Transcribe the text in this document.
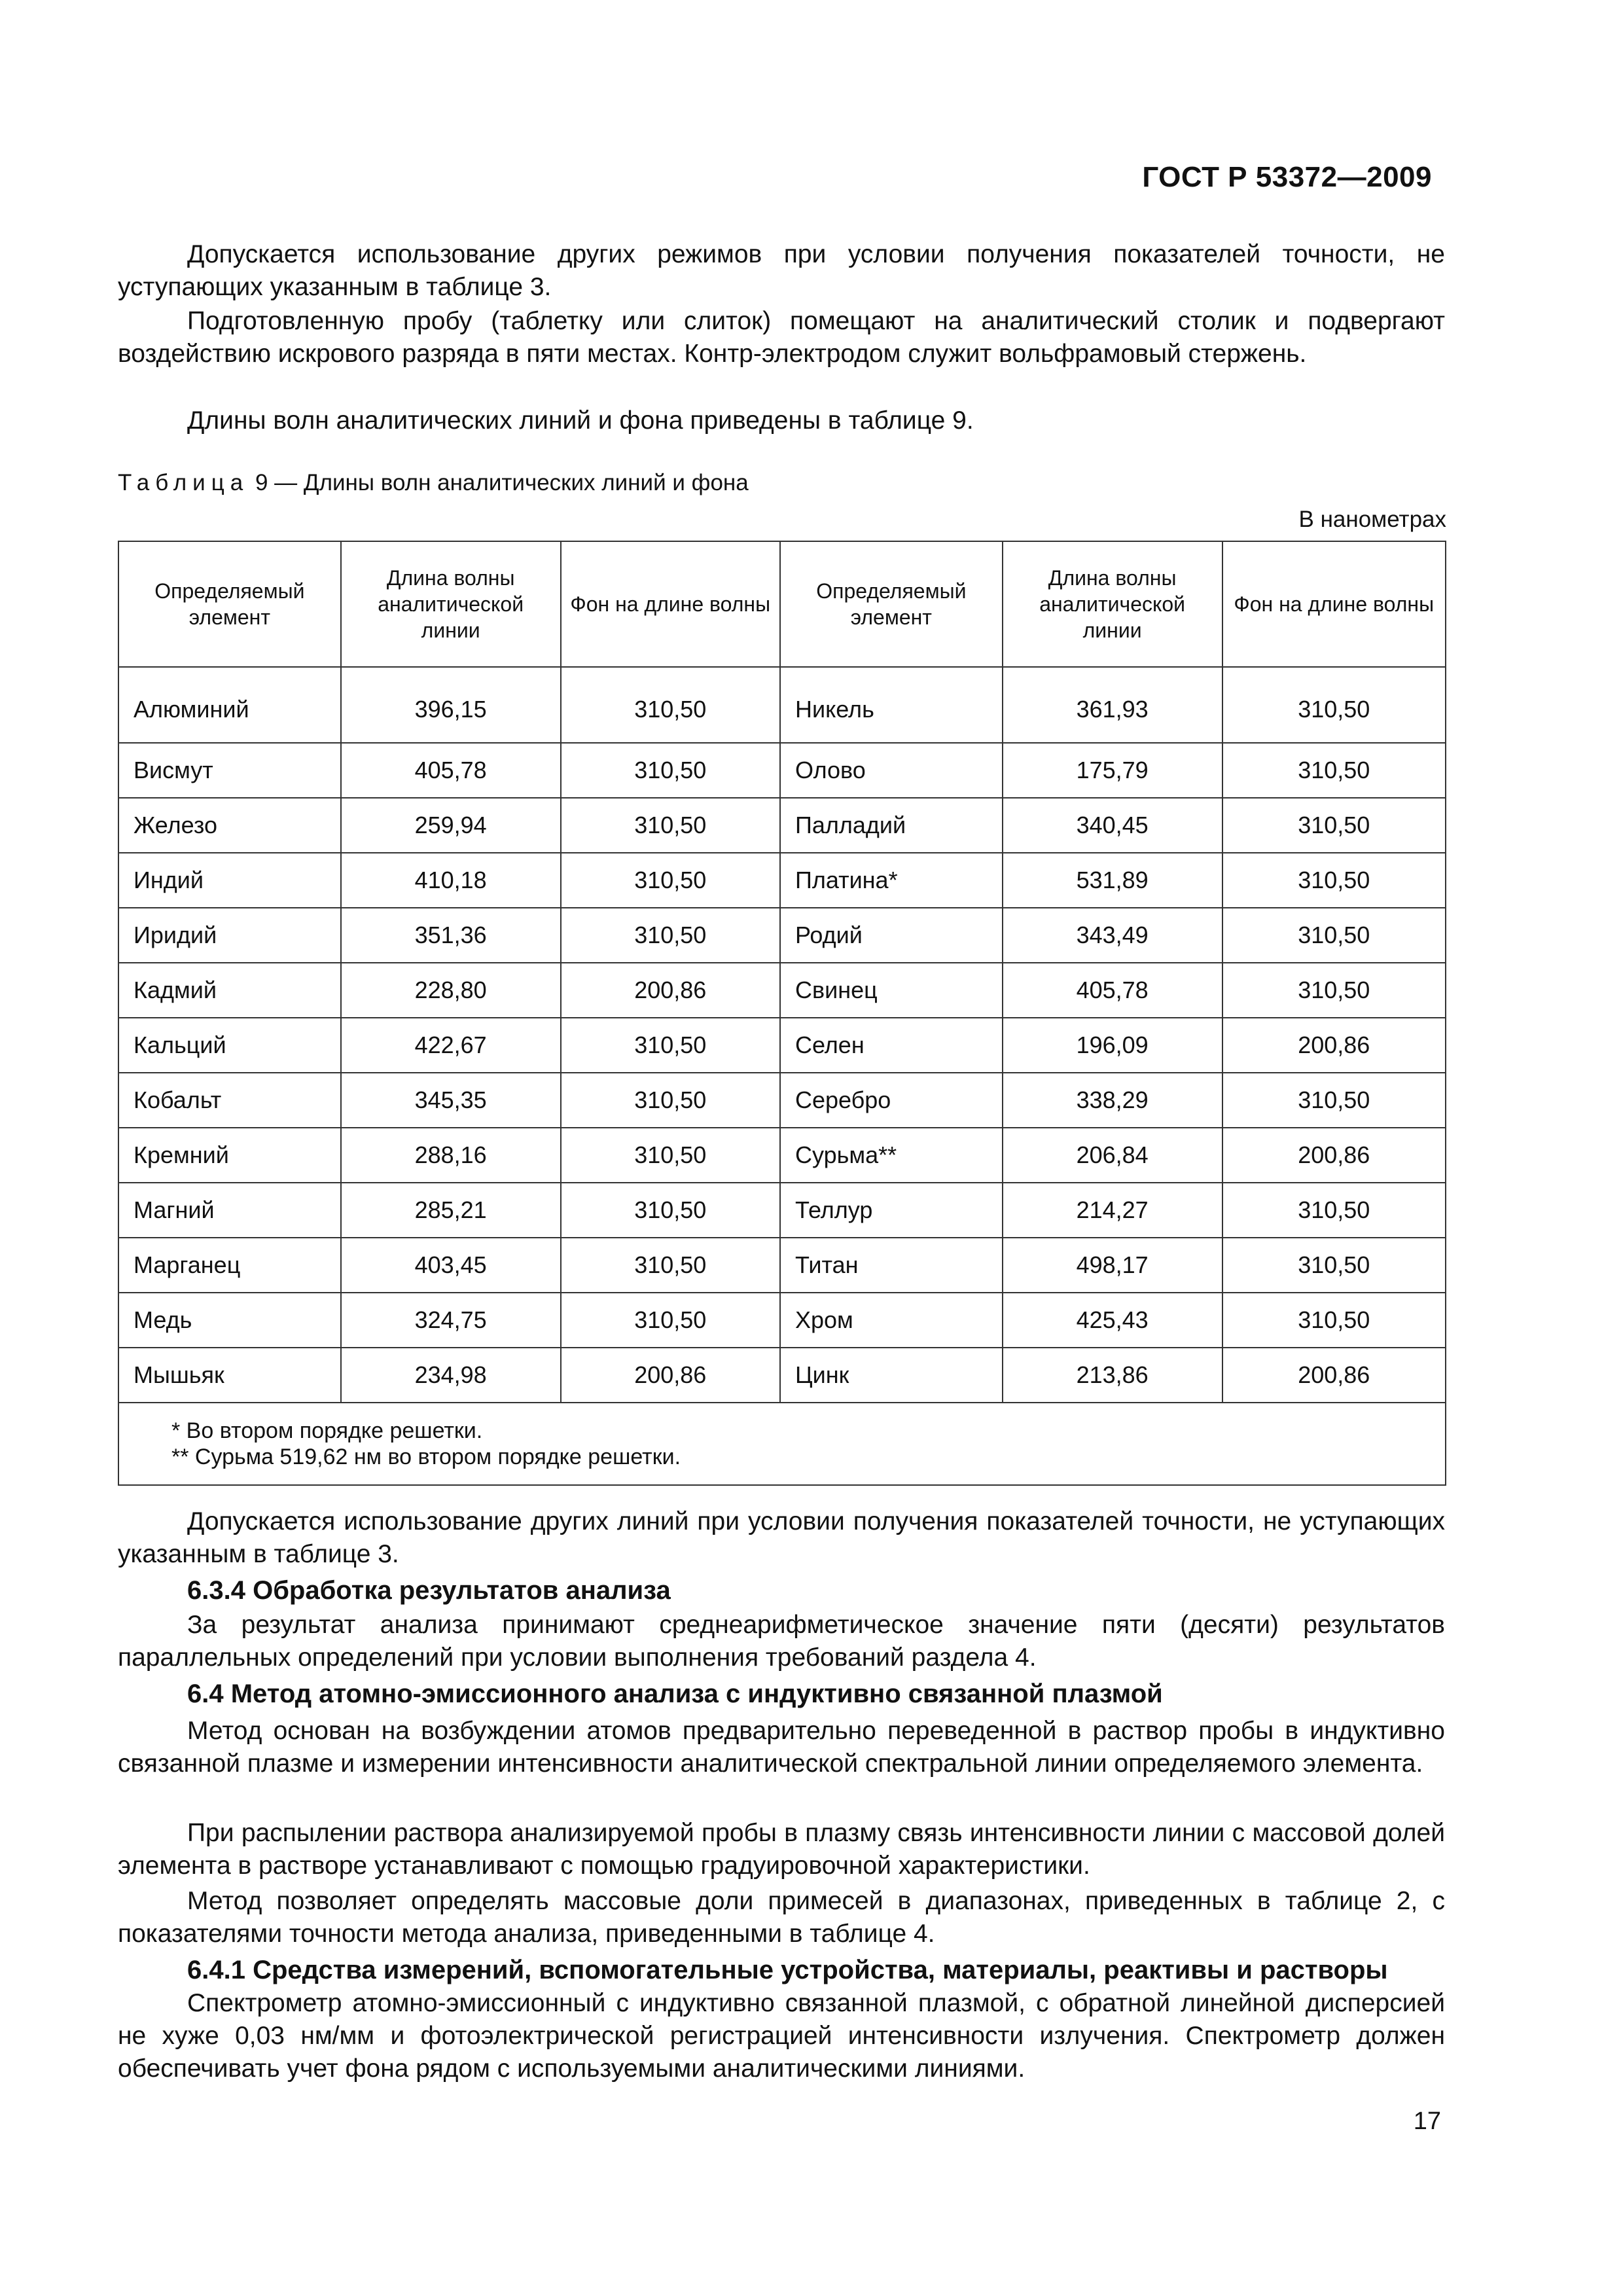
ГОСТ Р 53372—2009

Допускается использование других режимов при условии получения показателей точности, не уступающих указанным в таблице 3.

Подготовленную пробу (таблетку или слиток) помещают на аналитический столик и подвергают воздействию искрового разряда в пяти местах. Контр-электродом служит вольфрамовый стержень.

Длины волн аналитических линий и фона приведены в таблице 9.

Таблица 9 — Длины волн аналитических линий и фона
В нанометрах
Определяемый элемент	Длина волны аналитической линии	Фон на длине волны	Определяемый элемент	Длина волны аналитической линии	Фон на длине волны
Алюминий	396,15	310,50	Никель	361,93	310,50
Висмут	405,78	310,50	Олово	175,79	310,50
Железо	259,94	310,50	Палладий	340,45	310,50
Индий	410,18	310,50	Платина*	531,89	310,50
Иридий	351,36	310,50	Родий	343,49	310,50
Кадмий	228,80	200,86	Свинец	405,78	310,50
Кальций	422,67	310,50	Селен	196,09	200,86
Кобальт	345,35	310,50	Серебро	338,29	310,50
Кремний	288,16	310,50	Сурьма**	206,84	200,86
Магний	285,21	310,50	Теллур	214,27	310,50
Марганец	403,45	310,50	Титан	498,17	310,50
Медь	324,75	310,50	Хром	425,43	310,50
Мышьяк	234,98	200,86	Цинк	213,86	200,86

* Во втором порядке решетки.
** Сурьма 519,62 нм во втором порядке решетки.					

Допускается использование других линий при условии получения показателей точности, не уступающих указанным в таблице 3.

6.3.4 Обработка результатов анализа

За результат анализа принимают среднеарифметическое значение пяти (десяти) результатов параллельных определений при условии выполнения требований раздела 4.

6.4 Метод атомно-эмиссионного анализа с индуктивно связанной плазмой

Метод основан на возбуждении атомов предварительно переведенной в раствор пробы в индуктивно связанной плазме и измерении интенсивности аналитической спектральной линии определяемого элемента.

При распылении раствора анализируемой пробы в плазму связь интенсивности линии с массовой долей элемента в растворе устанавливают с помощью градуировочной характеристики.

Метод позволяет определять массовые доли примесей в диапазонах, приведенных в таблице 2, с показателями точности метода анализа, приведенными в таблице 4.

6.4.1 Средства измерений, вспомогательные устройства, материалы, реактивы и растворы

Спектрометр атомно-эмиссионный с индуктивно связанной плазмой, с обратной линейной дисперсией не хуже 0,03 нм/мм и фотоэлектрической регистрацией интенсивности излучения. Спектрометр должен обеспечивать учет фона рядом с используемыми аналитическими линиями.

17
